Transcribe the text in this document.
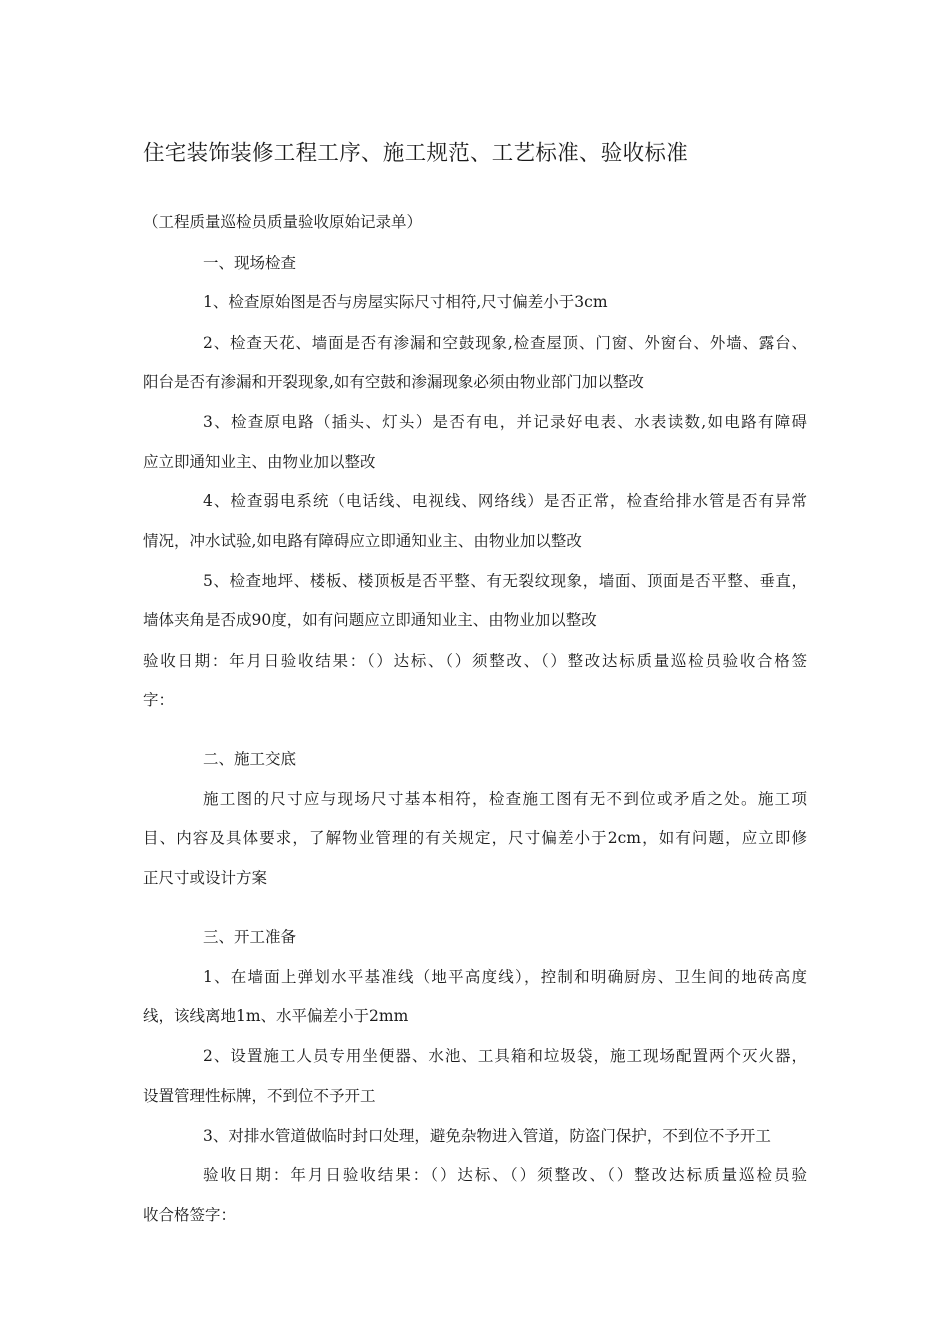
住宅装饰装修工程工序、施工规范、工艺标准、验收标准
（工程质量巡检员质量验收原始记录单）
一、现场检查
1、检查原始图是否与房屋实际尺寸相符,尺寸偏差小于3cm
2、检查天花、墙面是否有渗漏和空鼓现象,检查屋顶、门窗、外窗台、外墙、露台、
阳台是否有渗漏和开裂现象,如有空鼓和渗漏现象必须由物业部门加以整改
3、检查原电路（插头、灯头）是否有电，并记录好电表、水表读数,如电路有障碍
应立即通知业主、由物业加以整改
4、检查弱电系统（电话线、电视线、网络线）是否正常，检查给排水管是否有异常
情况，冲水试验,如电路有障碍应立即通知业主、由物业加以整改
5、检查地坪、楼板、楼顶板是否平整、有无裂纹现象，墙面、顶面是否平整、垂直，
墙体夹角是否成90度，如有问题应立即通知业主、由物业加以整改
验收日期：年月日验收结果：（）达标、（）须整改、（）整改达标质量巡检员验收合格签
字：
二、施工交底
施工图的尺寸应与现场尺寸基本相符，检查施工图有无不到位或矛盾之处。施工项
目、内容及具体要求，了解物业管理的有关规定，尺寸偏差小于2cm，如有问题，应立即修
正尺寸或设计方案
三、开工准备
1、在墙面上弹划水平基准线（地平高度线），控制和明确厨房、卫生间的地砖高度
线，该线离地1m、水平偏差小于2mm
2、设置施工人员专用坐便器、水池、工具箱和垃圾袋，施工现场配置两个灭火器，
设置管理性标牌，不到位不予开工
3、对排水管道做临时封口处理，避免杂物进入管道，防盗门保护，不到位不予开工
验收日期：年月日验收结果：（）达标、（）须整改、（）整改达标质量巡检员验
收合格签字：
